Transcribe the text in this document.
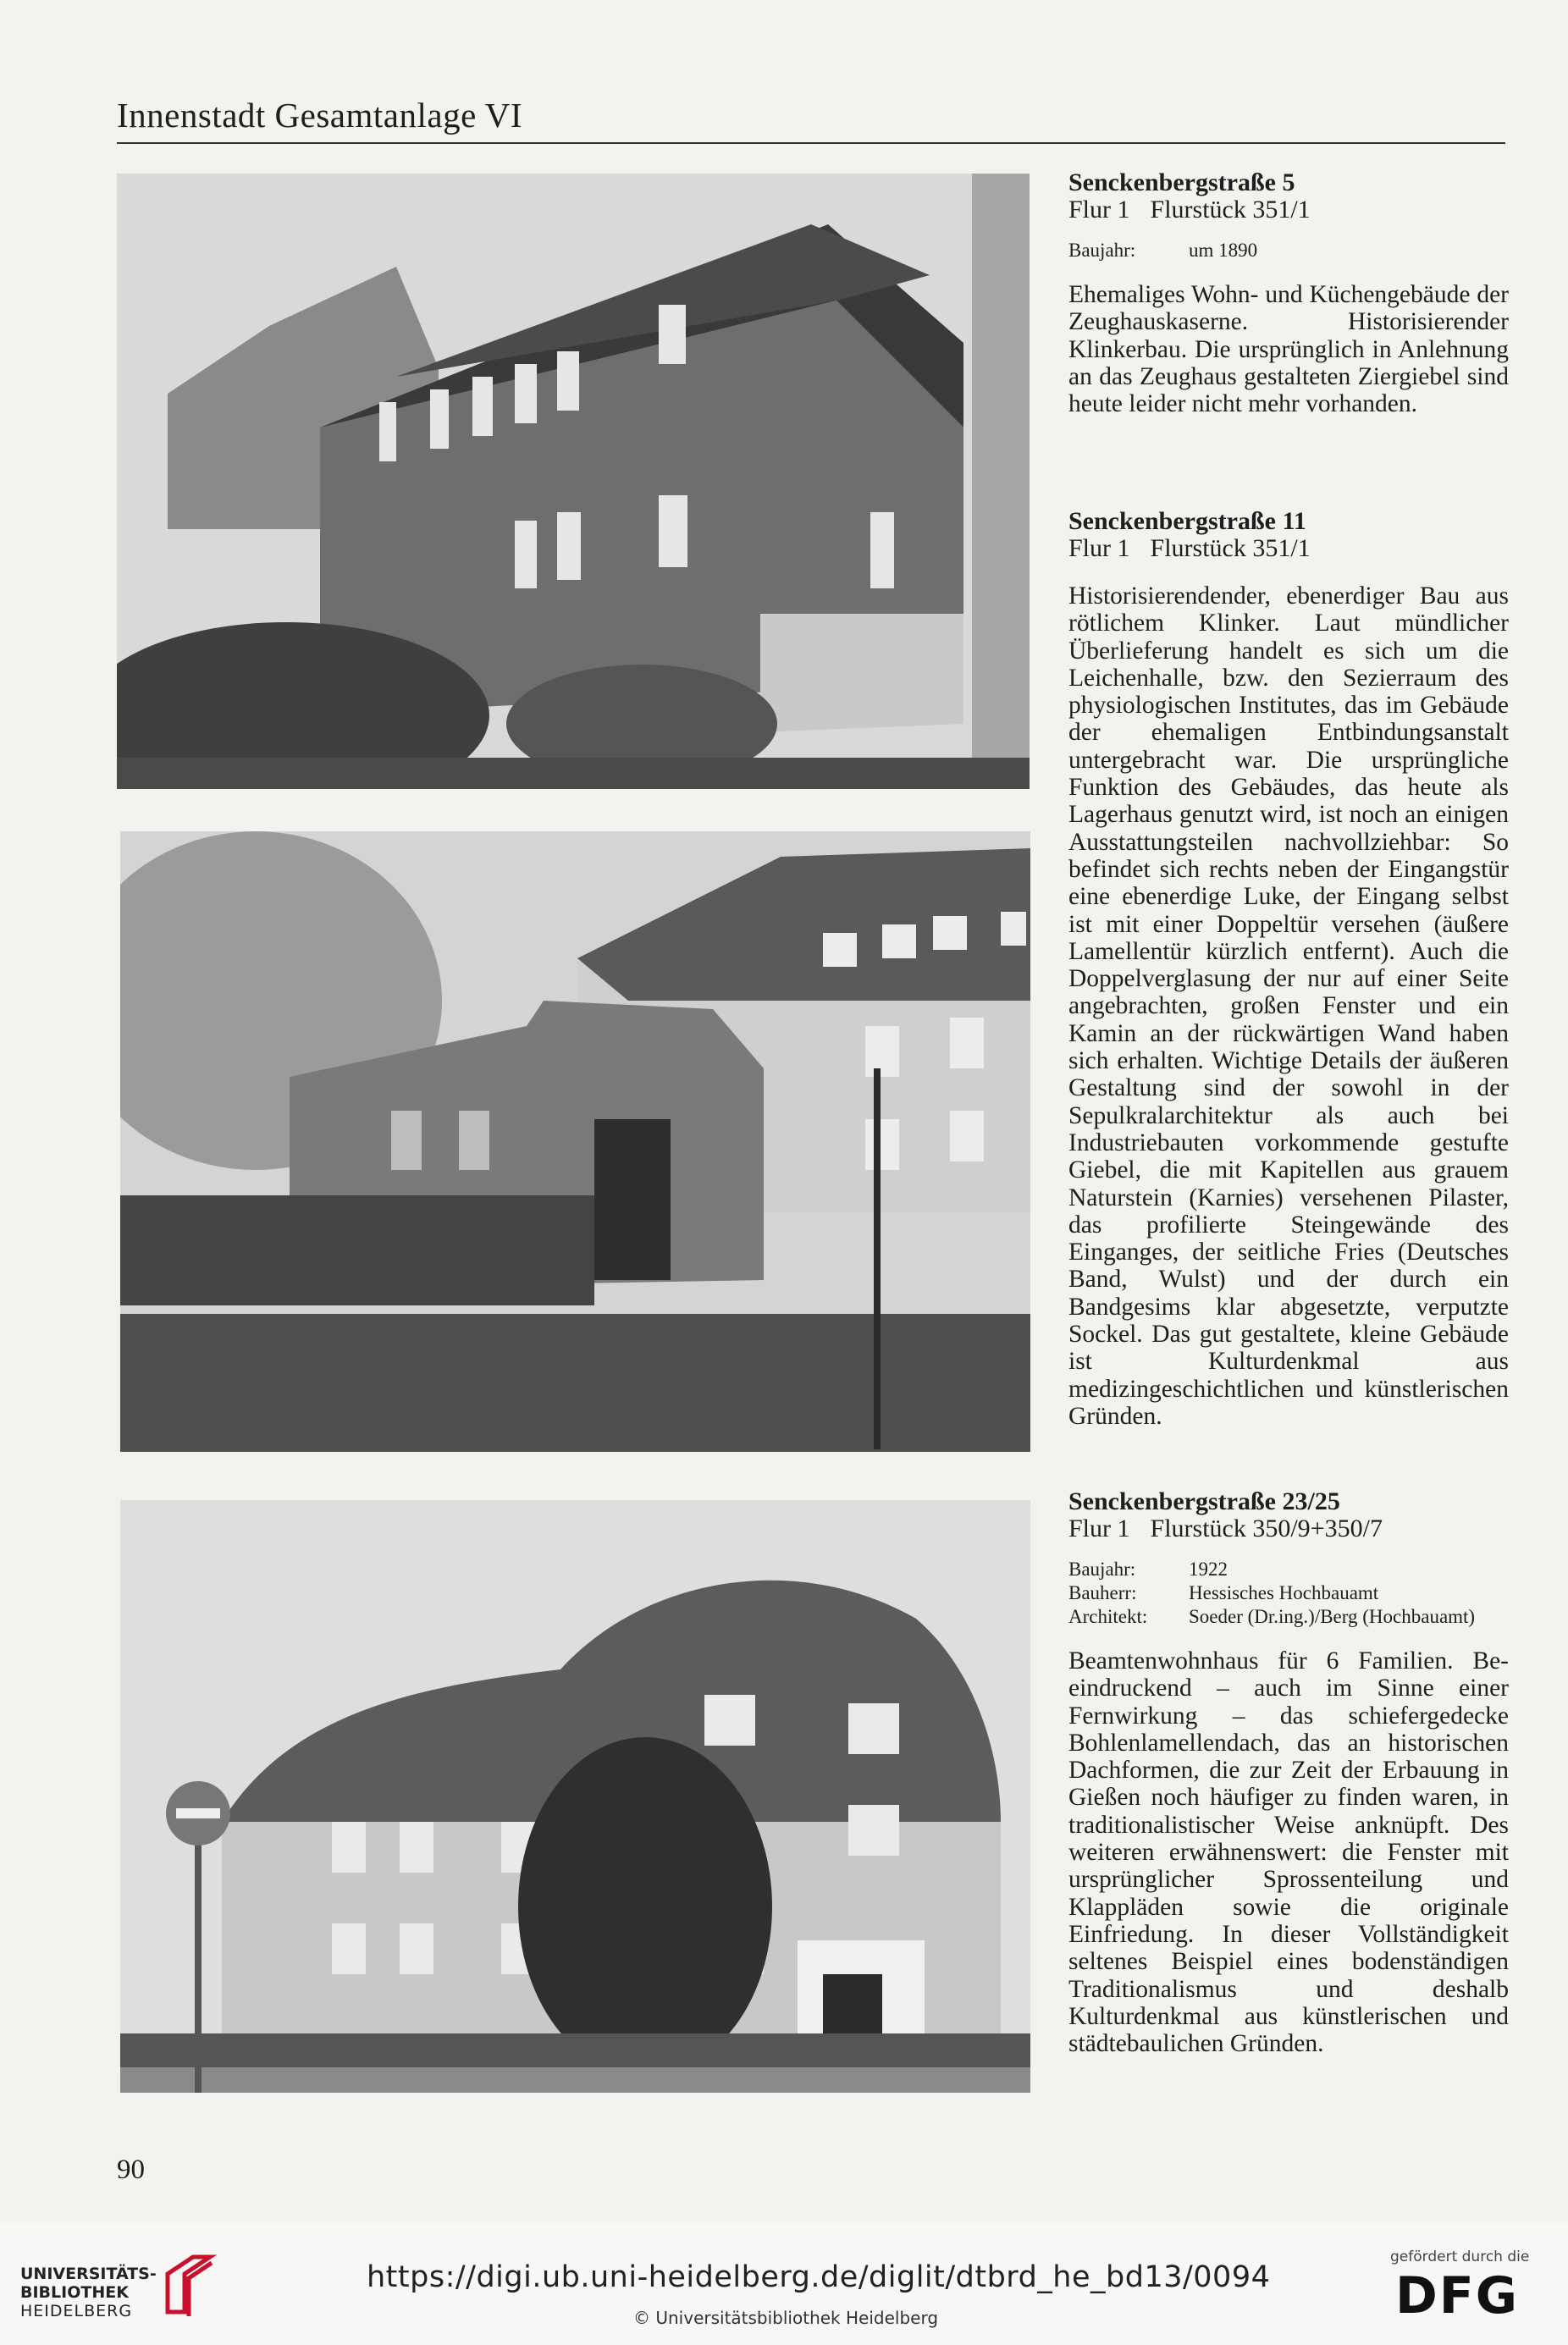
Innenstadt Gesamtanlage VI
Senckenbergstraße 5
Flur 1 Flurstück 351/1
Baujahr:	um 1890
Ehemaliges Wohn- und Küchengebäude der Zeughauskaserne. Historisierender Klinkerbau. Die ursprünglich in Anlehnung an das Zeughaus gestalteten Ziergiebel sind heute leider nicht mehr vorhanden.
Senckenbergstraße 11
Flur 1 Flurstück 351/1
Historisierendender, ebenerdiger Bau aus rötlichem Klinker. Laut mündlicher Überlieferung handelt es sich um die Leichenhalle, bzw. den Sezierraum des physiologischen Institutes, das im Gebäude der ehemaligen Entbindungsanstalt untergebracht war. Die ursprüngliche Funktion des Gebäudes, das heute als Lagerhaus genutzt wird, ist noch an einigen Ausstattungsteilen nachvollziehbar: So befindet sich rechts neben der Eingangstür eine ebenerdige Luke, der Eingang selbst ist mit einer Doppeltür versehen (äußere Lamellentür kürzlich entfernt). Auch die Doppelverglasung der nur auf einer Seite angebrachten, großen Fenster und ein Kamin an der rückwärtigen Wand haben sich erhalten. Wichtige Details der äußeren Gestaltung sind der sowohl in der Sepulkralarchitektur als auch bei Industriebauten vorkommende gestufte Giebel, die mit Kapitellen aus grauem Naturstein (Karnies) versehenen Pilaster, das profilierte Steingewände des Einganges, der seitliche Fries (Deutsches Band, Wulst) und der durch ein Bandgesims klar abgesetzte, verputzte Sockel. Das gut gestaltete, kleine Gebäude ist Kulturdenkmal aus medizingeschichtlichen und künstlerischen Gründen.
Senckenbergstraße 23/25
Flur 1 Flurstück 350/9+350/7
Baujahr:	1922
Bauherr:	Hessisches Hochbauamt
Architekt:	Soeder (Dr.ing.)/Berg (Hochbauamt)
Beamtenwohnhaus für 6 Familien. Beeindruckend – auch im Sinne einer Fernwirkung – das schiefergedecke Bohlenlamellendach, das an historischen Dachformen, die zur Zeit der Erbauung in Gießen noch häufiger zu finden waren, in traditionalistischer Weise anknüpft. Des weiteren erwähnenswert: die Fenster mit ursprünglicher Sprossenteilung und Klappläden sowie die originale Einfriedung. In dieser Vollständigkeit seltenes Beispiel eines bodenständigen Traditionalismus und deshalb Kulturdenkmal aus künstlerischen und städtebaulichen Gründen.
90
UNIVERSITÄTS-
BIBLIOTHEK
HEIDELBERG
https://digi.ub.uni-heidelberg.de/diglit/dtbrd_he_bd13/0094
© Universitätsbibliothek Heidelberg
gefördert durch die
DFG
